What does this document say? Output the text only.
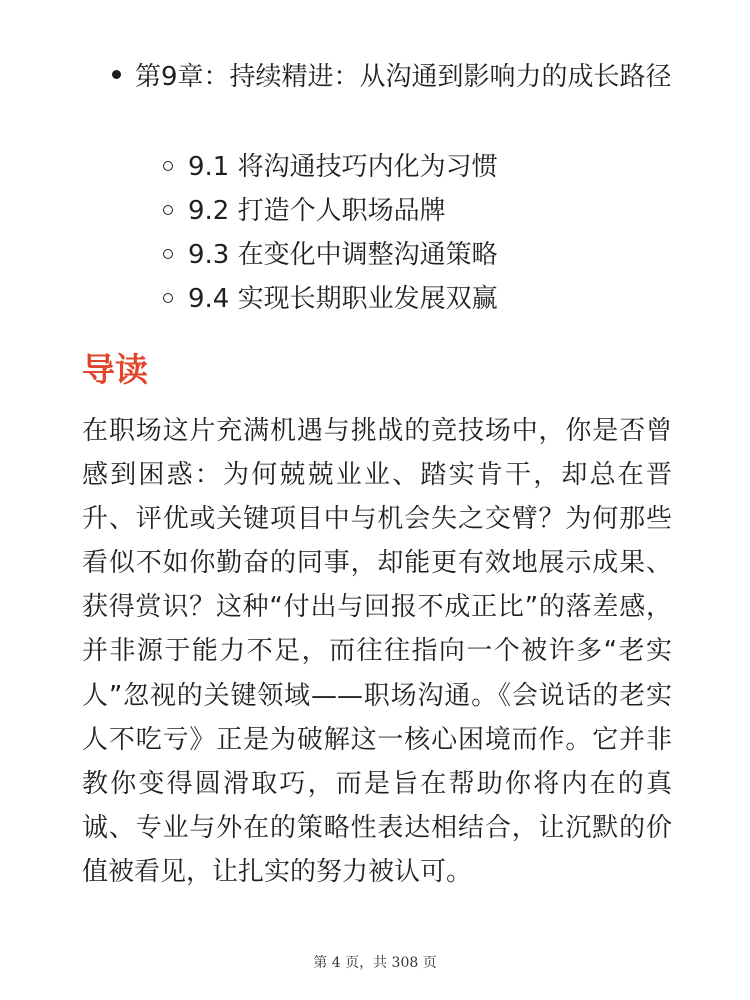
第9章：持续精进：从沟通到影响力的成长路径

9.1 将沟通技巧内化为习惯
9.2 打造个人职场品牌
9.3 在变化中调整沟通策略
9.4 实现长期职业发展双赢
导读

在职场这片充满机遇与挑战的竞技场中，你是否曾感到困惑：为何兢兢业业、踏实肯干，却总在晋升、评优或关键项目中与机会失之交臂？为何那些看似不如你勤奋的同事，却能更有效地展示成果、获得赏识？这种“付出与回报不成正比”的落差感，并非源于能力不足，而往往指向一个被许多“老实人”忽视的关键领域——职场沟通。《会说话的老实人不吃亏》正是为破解这一核心困境而作。它并非教你变得圆滑取巧，而是旨在帮助你将内在的真诚、专业与外在的策略性表达相结合，让沉默的价值被看见，让扎实的努力被认可。

第 4 页，共 308 页
